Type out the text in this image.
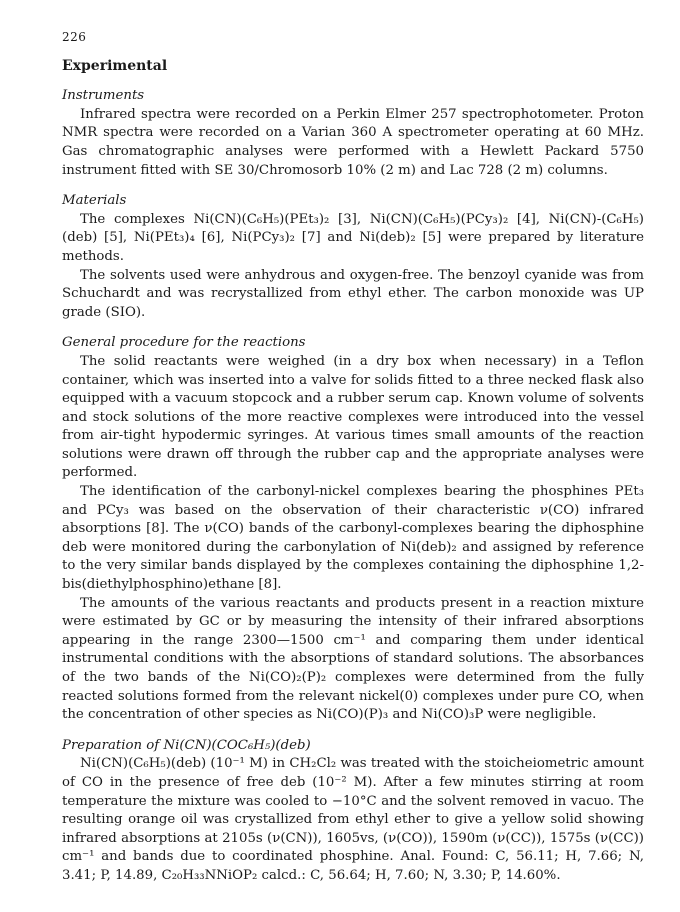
226
Experimental

Instruments

Infrared spectra were recorded on a Perkin Elmer 257 spectrophotometer. Proton NMR spectra were recorded on a Varian 360 A spectrometer operating at 60 MHz. Gas chromatographic analyses were performed with a Hewlett Packard 5750 instrument fitted with SE 30/Chromosorb 10% (2 m) and Lac 728 (2 m) columns.

Materials

The complexes Ni(CN)(C₆H₅)(PEt₃)₂ [3], Ni(CN)(C₆H₅)(PCy₃)₂ [4], Ni(CN)-(C₆H₅)(deb) [5], Ni(PEt₃)₄ [6], Ni(PCy₃)₂ [7] and Ni(deb)₂ [5] were prepared by literature methods.

The solvents used were anhydrous and oxygen-free. The benzoyl cyanide was from Schuchardt and was recrystallized from ethyl ether. The carbon monoxide was UP grade (SIO).

General procedure for the reactions

The solid reactants were weighed (in a dry box when necessary) in a Teflon container, which was inserted into a valve for solids fitted to a three necked flask also equipped with a vacuum stopcock and a rubber serum cap. Known volume of solvents and stock solutions of the more reactive complexes were introduced into the vessel from air-tight hypodermic syringes. At various times small amounts of the reaction solutions were drawn off through the rubber cap and the appropriate analyses were performed.

The identification of the carbonyl-nickel complexes bearing the phosphines PEt₃ and PCy₃ was based on the observation of their characteristic ν(CO) infrared absorptions [8]. The ν(CO) bands of the carbonyl-complexes bearing the diphosphine deb were monitored during the carbonylation of Ni(deb)₂ and assigned by reference to the very similar bands displayed by the complexes containing the diphosphine 1,2-bis(diethylphosphino)ethane [8].

The amounts of the various reactants and products present in a reaction mixture were estimated by GC or by measuring the intensity of their infrared absorptions appearing in the range 2300—1500 cm⁻¹ and comparing them under identical instrumental conditions with the absorptions of standard solutions. The absorbances of the two bands of the Ni(CO)₂(P)₂ complexes were determined from the fully reacted solutions formed from the relevant nickel(0) complexes under pure CO, when the concentration of other species as Ni(CO)(P)₃ and Ni(CO)₃P were negligible.

Preparation of Ni(CN)(COC₆H₅)(deb)

Ni(CN)(C₆H₅)(deb) (10⁻¹ M) in CH₂Cl₂ was treated with the stoicheiometric amount of CO in the presence of free deb (10⁻² M). After a few minutes stirring at room temperature the mixture was cooled to −10°C and the solvent removed in vacuo. The resulting orange oil was crystallized from ethyl ether to give a yellow solid showing infrared absorptions at 2105s (ν(CN)), 1605vs, (ν(CO)), 1590m (ν(CC)), 1575s (ν(CC)) cm⁻¹ and bands due to coordinated phosphine. Anal. Found: C, 56.11; H, 7.66; N, 3.41; P, 14.89, C₂₀H₃₃NNiOP₂ calcd.: C, 56.64; H, 7.60; N, 3.30; P, 14.60%.
